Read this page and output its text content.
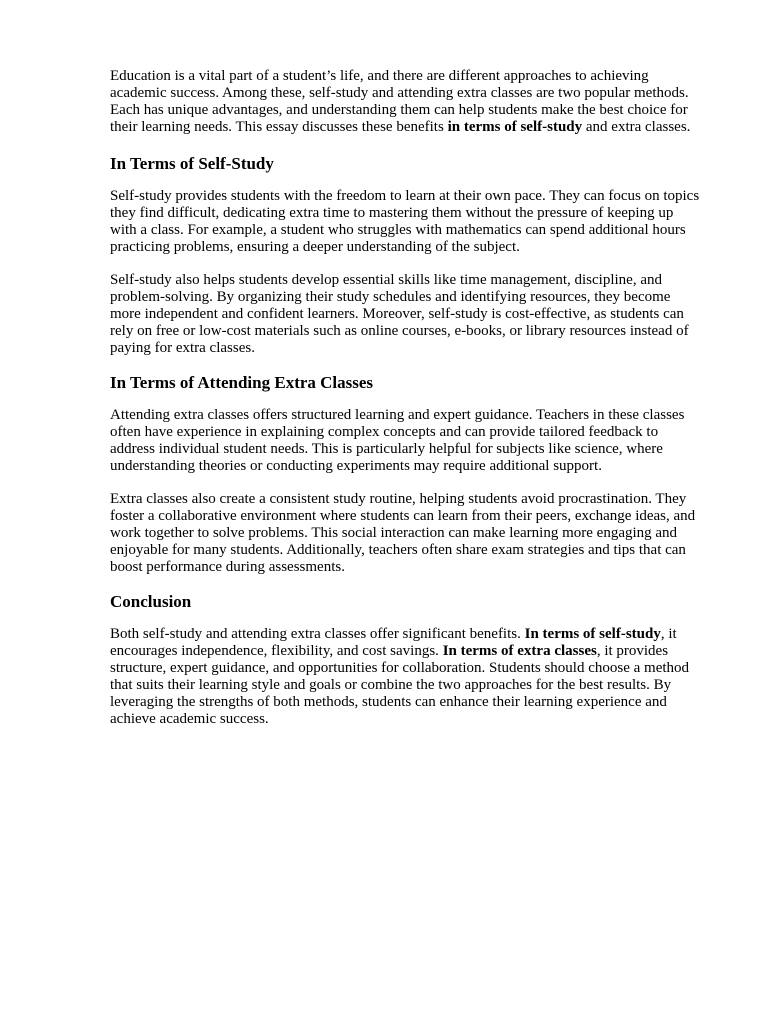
Education is a vital part of a student’s life, and there are different approaches to achieving academic success. Among these, self-study and attending extra classes are two popular methods. Each has unique advantages, and understanding them can help students make the best choice for their learning needs. This essay discusses these benefits in terms of self-study and extra classes.

In Terms of Self-Study

Self-study provides students with the freedom to learn at their own pace. They can focus on topics they find difficult, dedicating extra time to mastering them without the pressure of keeping up with a class. For example, a student who struggles with mathematics can spend additional hours practicing problems, ensuring a deeper understanding of the subject.

Self-study also helps students develop essential skills like time management, discipline, and problem-solving. By organizing their study schedules and identifying resources, they become more independent and confident learners. Moreover, self-study is cost-effective, as students can rely on free or low-cost materials such as online courses, e-books, or library resources instead of paying for extra classes.

In Terms of Attending Extra Classes

Attending extra classes offers structured learning and expert guidance. Teachers in these classes often have experience in explaining complex concepts and can provide tailored feedback to address individual student needs. This is particularly helpful for subjects like science, where understanding theories or conducting experiments may require additional support.

Extra classes also create a consistent study routine, helping students avoid procrastination. They foster a collaborative environment where students can learn from their peers, exchange ideas, and work together to solve problems. This social interaction can make learning more engaging and enjoyable for many students. Additionally, teachers often share exam strategies and tips that can boost performance during assessments.

Conclusion

Both self-study and attending extra classes offer significant benefits. In terms of self-study, it encourages independence, flexibility, and cost savings. In terms of extra classes, it provides structure, expert guidance, and opportunities for collaboration. Students should choose a method that suits their learning style and goals or combine the two approaches for the best results. By leveraging the strengths of both methods, students can enhance their learning experience and achieve academic success.
